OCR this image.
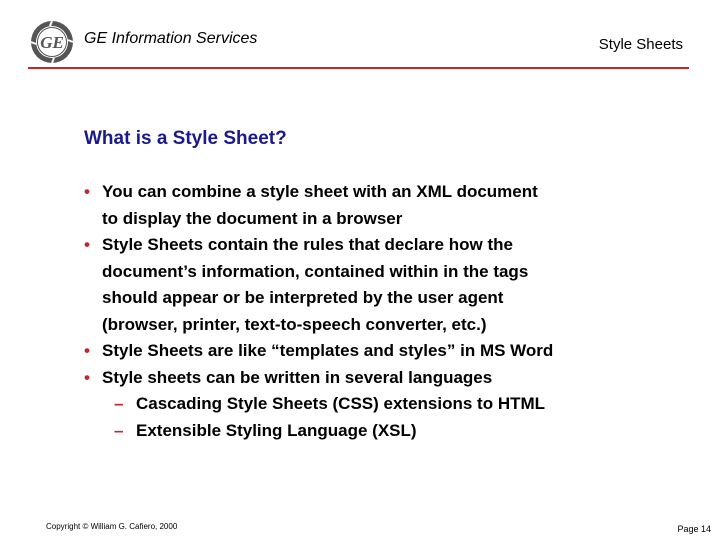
GE GE Information Services	Style Sheets
What is a Style Sheet?
• You can combine a style sheet with an XML document
to display the document in a browser
• Style Sheets contain the rules that declare how the
document’s information, contained within in the tags
should appear or be interpreted by the user agent
(browser, printer, text-to-speech converter, etc.)
• Style Sheets are like “templates and styles” in MS Word
• Style sheets can be written in several languages
– Cascading Style Sheets (CSS) extensions to HTML
– Extensible Styling Language (XSL)
Copyright © William G. Cafiero, 2000	Page 14
